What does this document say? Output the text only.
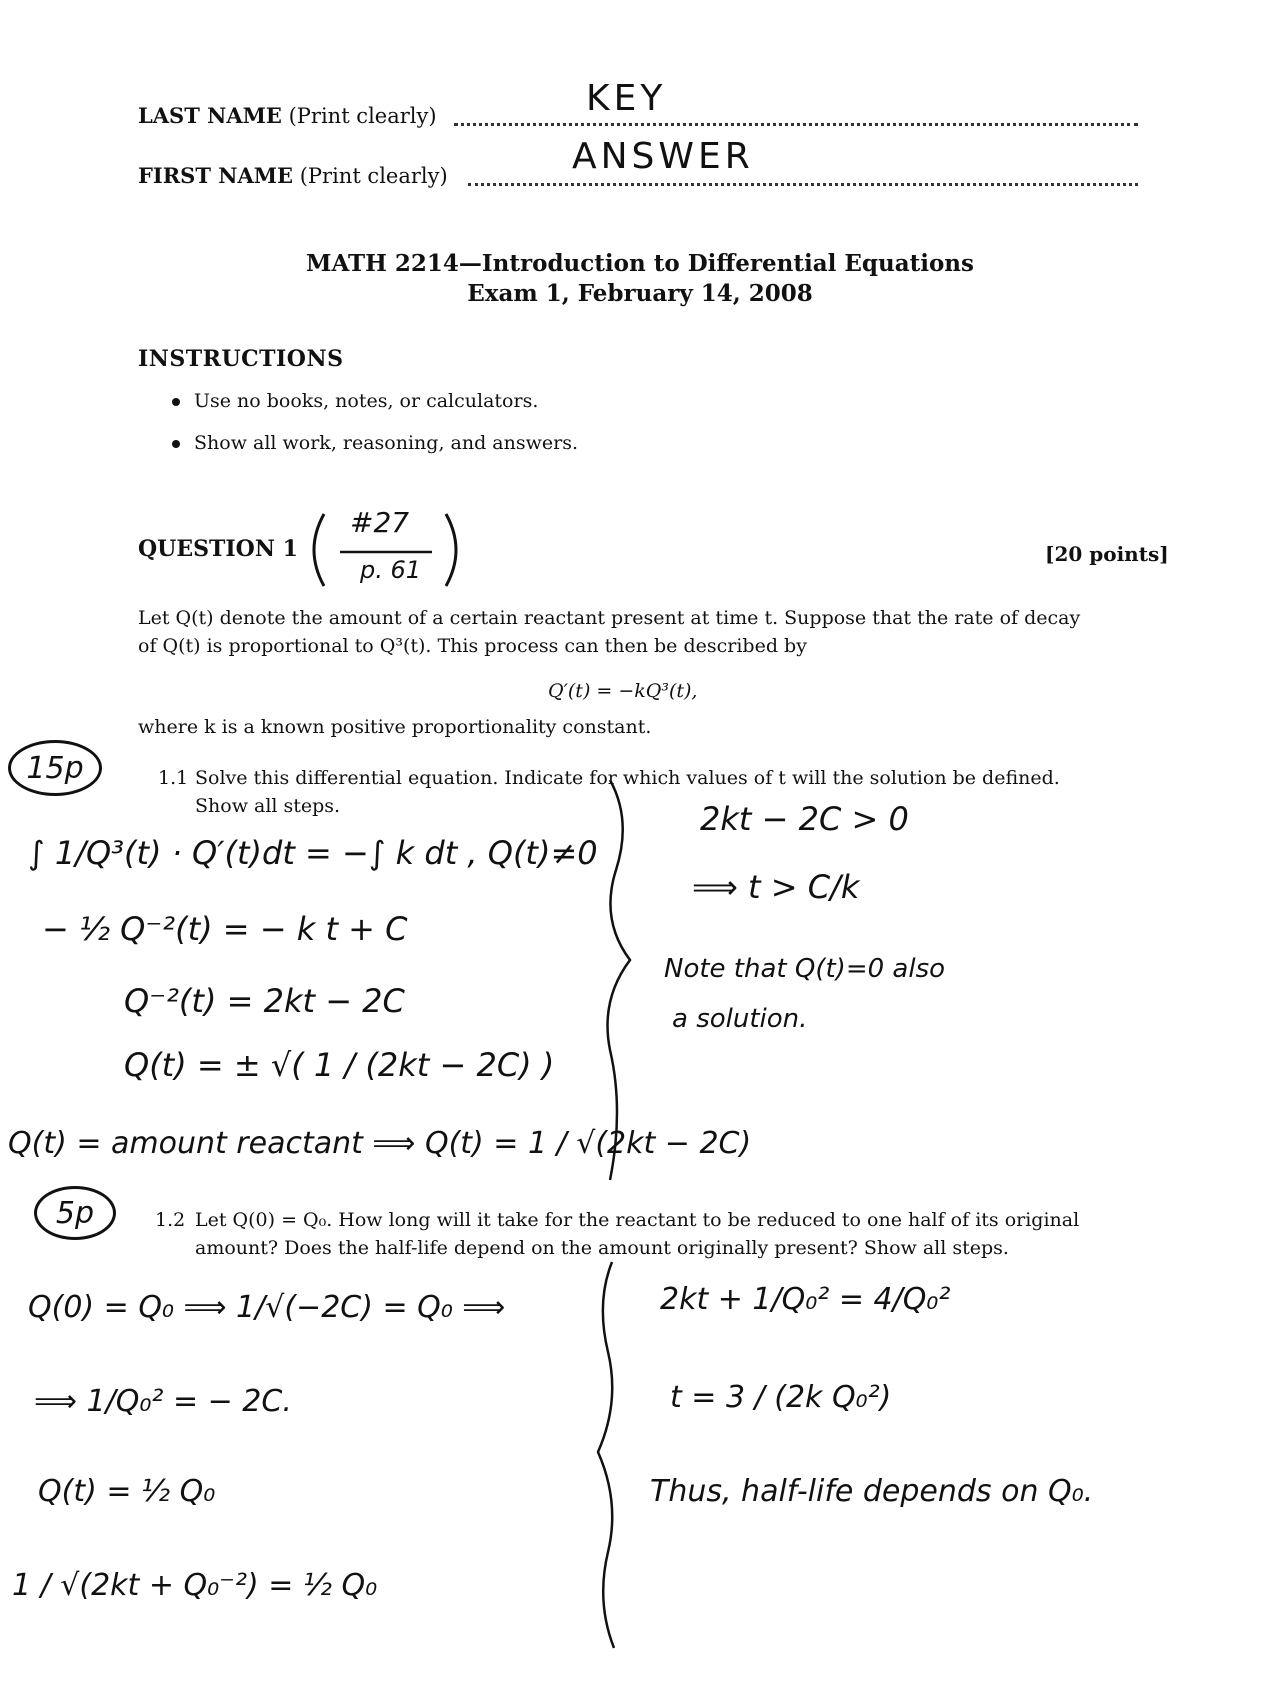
LAST NAME (Print clearly)	KEY
FIRST NAME (Print clearly)	ANSWER
MATH 2214—Introduction to Differential Equations
Exam 1, February 14, 2008
INSTRUCTIONS
Use no books, notes, or calculators.
Show all work, reasoning, and answers.
QUESTION 1
#27
p. 61
[20 points]
Let Q(t) denote the amount of a certain reactant present at time t. Suppose that the rate of decay
of Q(t) is proportional to Q³(t). This process can then be described by
Q′(t) = −kQ³(t),
where k is a known positive proportionality constant.
15p	1.1 Solve this differential equation. Indicate for which values of t will the solution be defined.
Show all steps.
∫ 1/Q³(t) · Q′(t)dt = −∫ k dt , Q(t)≠0
− ½ Q⁻²(t) = − k t + C
Q⁻²(t) = 2kt − 2C
Q(t) = ± √( 1 / (2kt − 2C) )
Q(t) = amount reactant ⟹ Q(t) = 1 / √(2kt − 2C)
2kt − 2C > 0
⟹ t > C/k
Note that Q(t)=0 also
a solution.
5p	1.2 Let Q(0) = Q₀. How long will it take for the reactant to be reduced to one half of its original
amount? Does the half-life depend on the amount originally present? Show all steps.
Q(0) = Q₀ ⟹ 1/√(−2C) = Q₀ ⟹
⟹ 1/Q₀² = − 2C.
Q(t) = ½ Q₀
1 / √(2kt + Q₀⁻²) = ½ Q₀
2kt + 1/Q₀² = 4/Q₀²
t = 3 / (2k Q₀²)
Thus, half-life depends on Q₀.
